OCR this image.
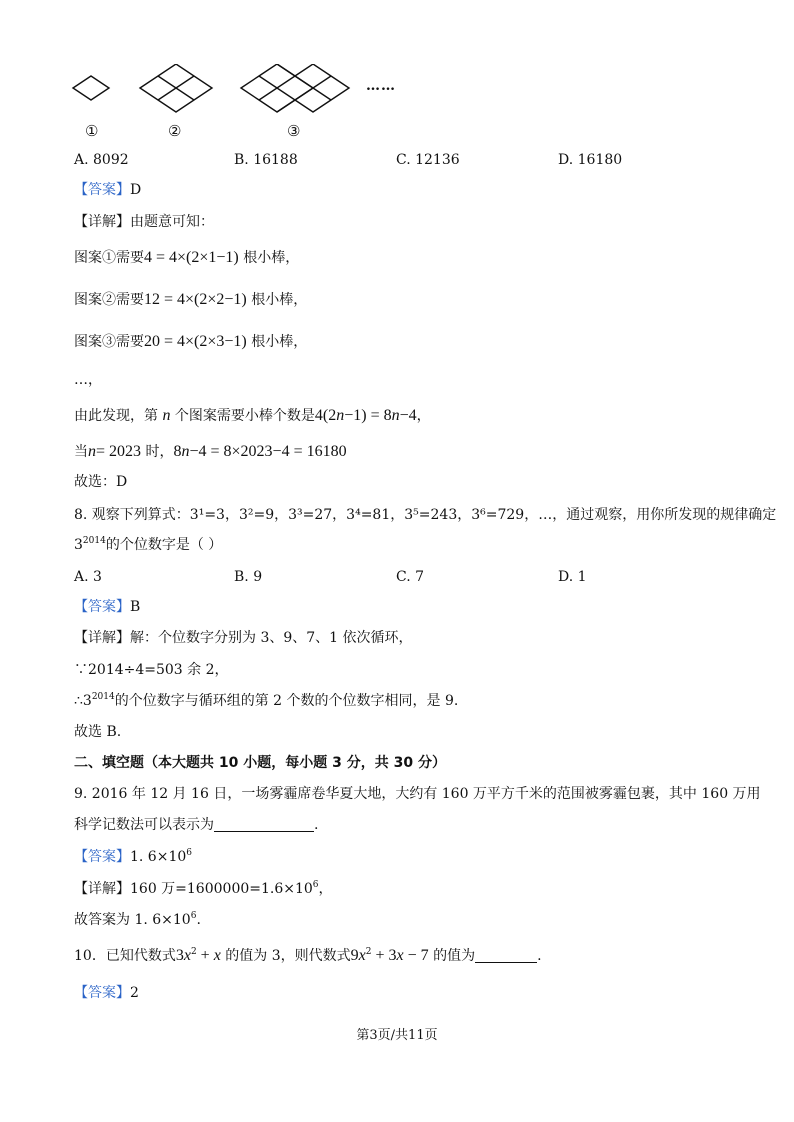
……
①	②	③
A. 8092	B. 16188	C. 12136	D. 16180
【答案】D
【详解】由题意可知：
图案①需要4 = 4×(2×1−1) 根小棒，
图案②需要12 = 4×(2×2−1) 根小棒，
图案③需要20 = 4×(2×3−1) 根小棒，
…，
由此发现，第 n 个图案需要小棒个数是4(2n−1) = 8n−4，
当n= 2023 时，8n−4 = 8×2023−4 = 16180
故选：D
8. 观察下列算式：3¹=3，3²=9，3³=27，3⁴=81，3⁵=243，3⁶=729，…，通过观察，用你所发现的规律确定
$3^{2014}$的个位数字是（ ）
A. 3	B. 9	C. 7	D. 1
【答案】B
【详解】解：个位数字分别为 3、9、7、1 依次循环，
∵2014÷4=503 余 2，
$\therefore 3^{2014}$的个位数字与循环组的第 2 个数的个位数字相同，是 9.
故选 B.
二、填空题（本大题共 10 小题，每小题 3 分，共 30 分）
9. 2016 年 12 月 16 日，一场雾霾席卷华夏大地，大约有 160 万平方千米的范围被雾霾包裹，其中 160 万用
科学记数法可以表示为	.
【答案】1. $6\times 10^6$
【详解】160 万$=1600000=1.6\times 10^6$，
故答案为 1. $6\times 10^6$.
10．已知代数式$3x^2 + x$ 的值为 3，则代数式$9x^2 + 3x - 7$ 的值为	.
【答案】2
第3页/共11页
